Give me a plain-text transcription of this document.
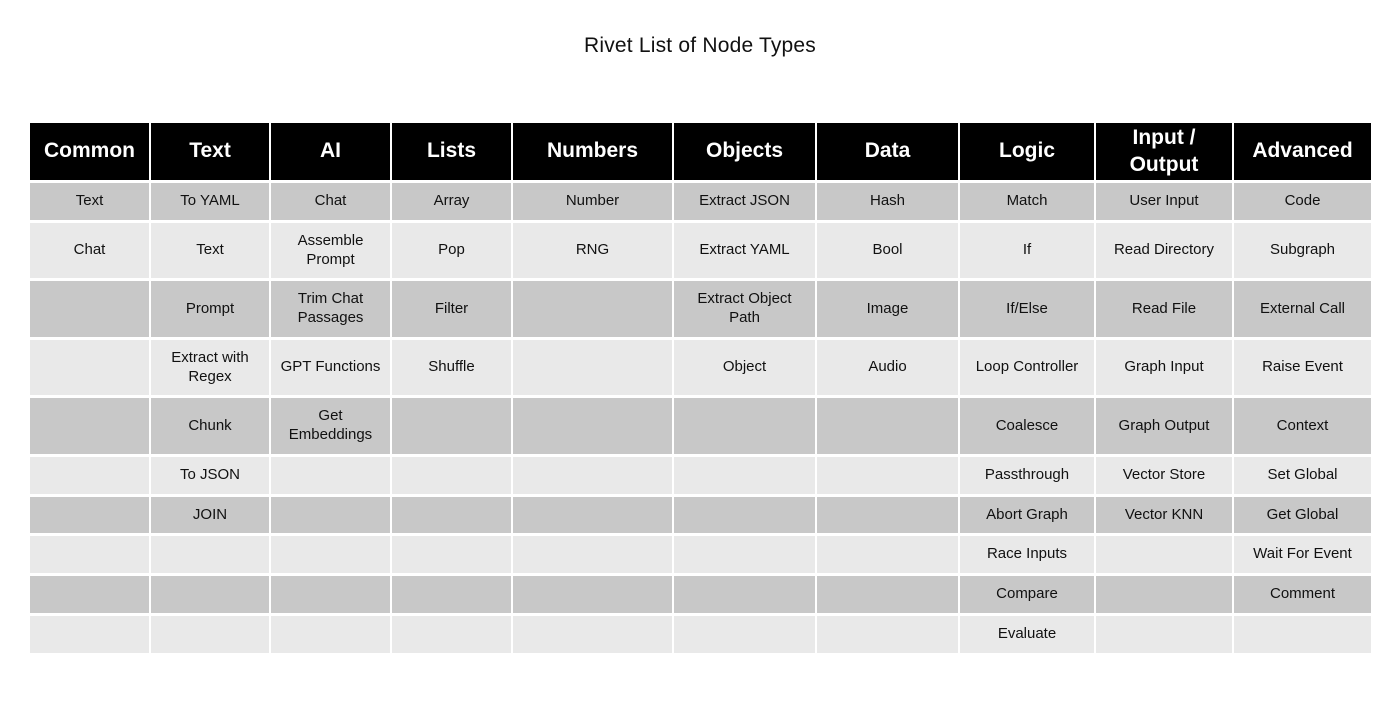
Rivet List of Node Types
Common	Text	AI	Lists	Numbers	Objects	Data	Logic	Input / Output	Advanced
Text	To YAML	Chat	Array	Number	Extract JSON	Hash	Match	User Input	Code
Chat	Text	Assemble Prompt	Pop	RNG	Extract YAML	Bool	If	Read Directory	Subgraph
	Prompt	Trim Chat Passages	Filter		Extract Object Path	Image	If/Else	Read File	External Call
	Extract with Regex	GPT Functions	Shuffle		Object	Audio	Loop Controller	Graph Input	Raise Event
	Chunk	Get Embeddings					Coalesce	Graph Output	Context
	To JSON						Passthrough	Vector Store	Set Global
	JOIN						Abort Graph	Vector KNN	Get Global
							Race Inputs		Wait For Event
							Compare		Comment
							Evaluate		
